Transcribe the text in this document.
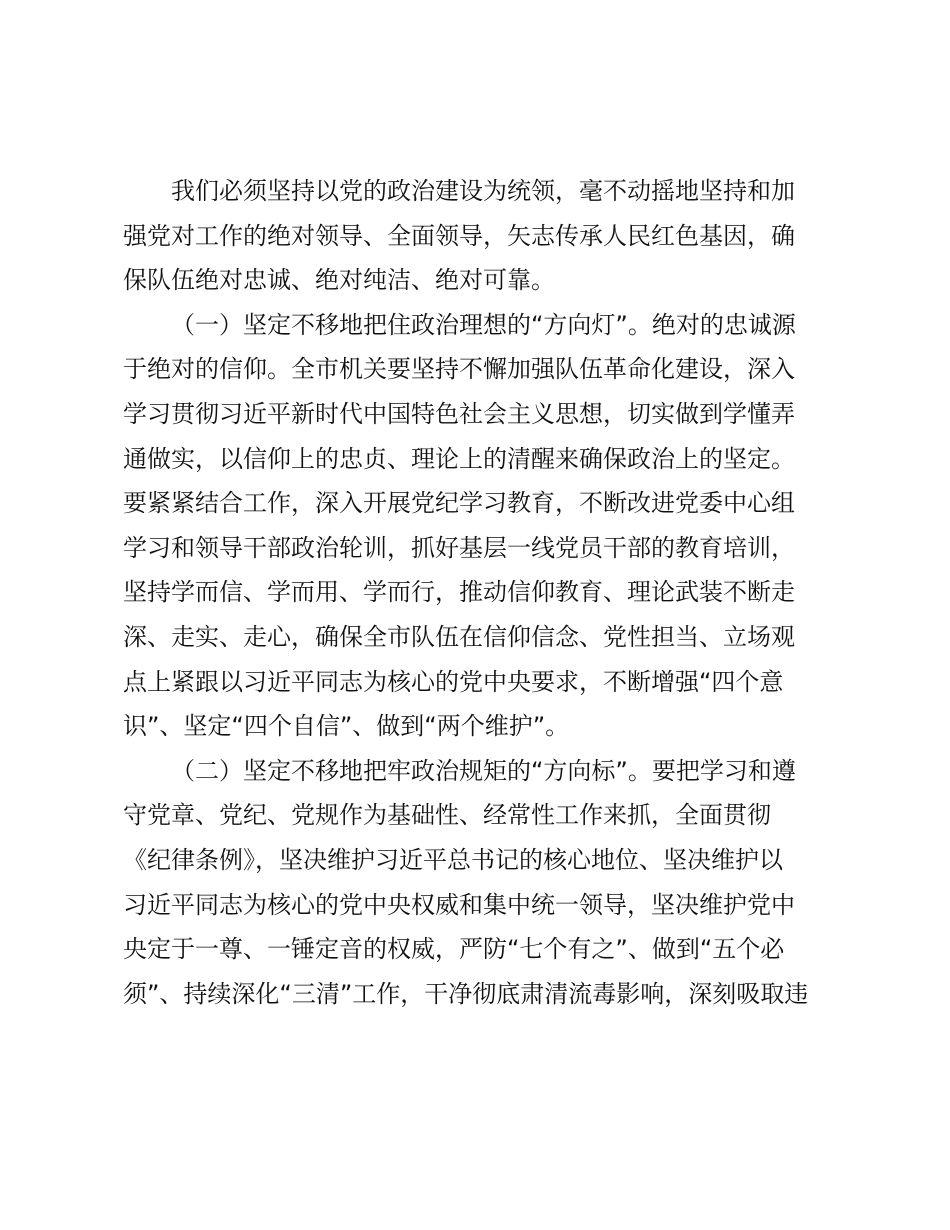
我们必须坚持以党的政治建设为统领，毫不动摇地坚持和加
强党对工作的绝对领导、全面领导，矢志传承人民红色基因，确
保队伍绝对忠诚、绝对纯洁、绝对可靠。
（一）坚定不移地把住政治理想的“方向灯”。绝对的忠诚源
于绝对的信仰。全市机关要坚持不懈加强队伍革命化建设，深入
学习贯彻习近平新时代中国特色社会主义思想，切实做到学懂弄
通做实，以信仰上的忠贞、理论上的清醒来确保政治上的坚定。
要紧紧结合工作，深入开展党纪学习教育，不断改进党委中心组
学习和领导干部政治轮训，抓好基层一线党员干部的教育培训，
坚持学而信、学而用、学而行，推动信仰教育、理论武装不断走
深、走实、走心，确保全市队伍在信仰信念、党性担当、立场观
点上紧跟以习近平同志为核心的党中央要求，不断增强“四个意
识”、坚定“四个自信”、做到“两个维护”。
（二）坚定不移地把牢政治规矩的“方向标”。要把学习和遵
守党章、党纪、党规作为基础性、经常性工作来抓，全面贯彻
《纪律条例》，坚决维护习近平总书记的核心地位、坚决维护以
习近平同志为核心的党中央权威和集中统一领导，坚决维护党中
央定于一尊、一锤定音的权威，严防“七个有之”、做到“五个必
须”、持续深化“三清”工作，干净彻底肃清流毒影响，深刻吸取违
